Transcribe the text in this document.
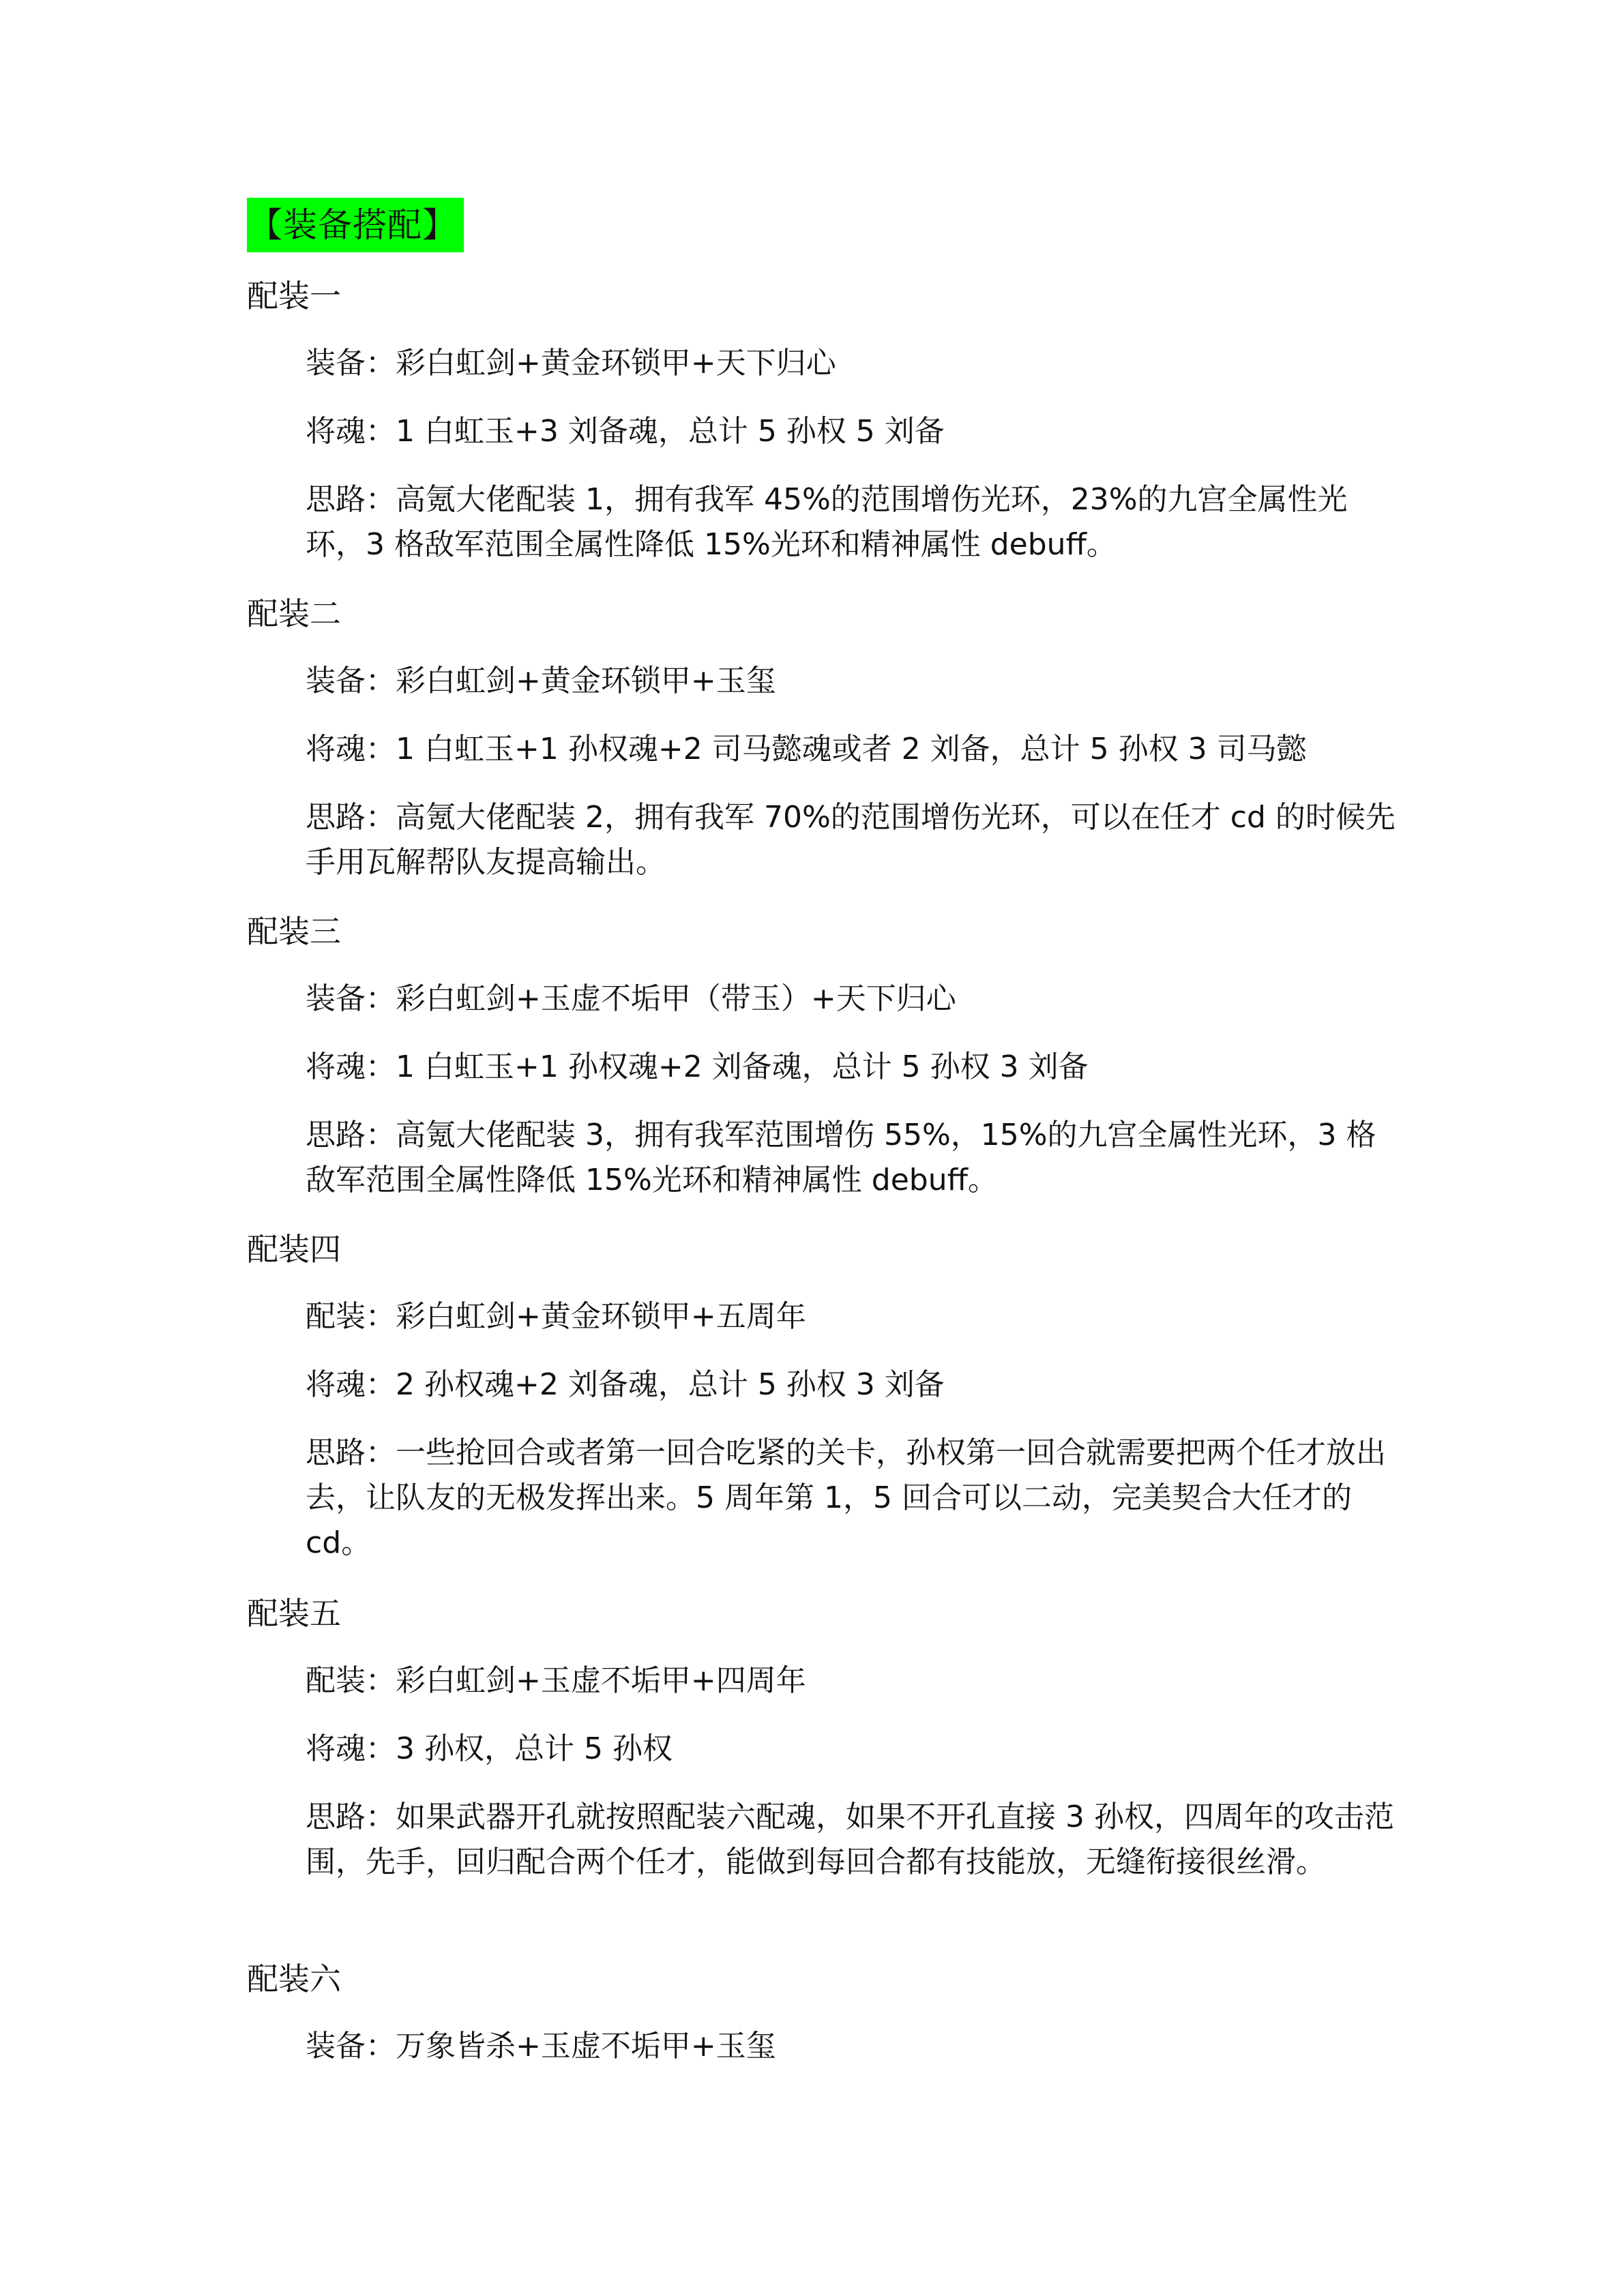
【装备搭配】
配装一
装备：彩白虹剑+黄金环锁甲+天下归心
将魂：1 白虹玉+3 刘备魂，总计 5 孙权 5 刘备
思路：高氪大佬配装 1，拥有我军 45%的范围增伤光环，23%的九宫全属性光环，3 格敌军范围全属性降低 15%光环和精神属性 debuff。
配装二
装备：彩白虹剑+黄金环锁甲+玉玺
将魂：1 白虹玉+1 孙权魂+2 司马懿魂或者 2 刘备，总计 5 孙权 3 司马懿
思路：高氪大佬配装 2，拥有我军 70%的范围增伤光环，可以在任才 cd 的时候先手用瓦解帮队友提高输出。
配装三
装备：彩白虹剑+玉虚不垢甲（带玉）+天下归心
将魂：1 白虹玉+1 孙权魂+2 刘备魂，总计 5 孙权 3 刘备
思路：高氪大佬配装 3，拥有我军范围增伤 55%，15%的九宫全属性光环，3 格敌军范围全属性降低 15%光环和精神属性 debuff。
配装四
配装：彩白虹剑+黄金环锁甲+五周年
将魂：2 孙权魂+2 刘备魂，总计 5 孙权 3 刘备
思路：一些抢回合或者第一回合吃紧的关卡，孙权第一回合就需要把两个任才放出去，让队友的无极发挥出来。5 周年第 1，5 回合可以二动，完美契合大任才的 cd。
配装五
配装：彩白虹剑+玉虚不垢甲+四周年
将魂：3 孙权，总计 5 孙权
思路：如果武器开孔就按照配装六配魂，如果不开孔直接 3 孙权，四周年的攻击范围，先手，回归配合两个任才，能做到每回合都有技能放，无缝衔接很丝滑。
配装六
装备：万象皆杀+玉虚不垢甲+玉玺
